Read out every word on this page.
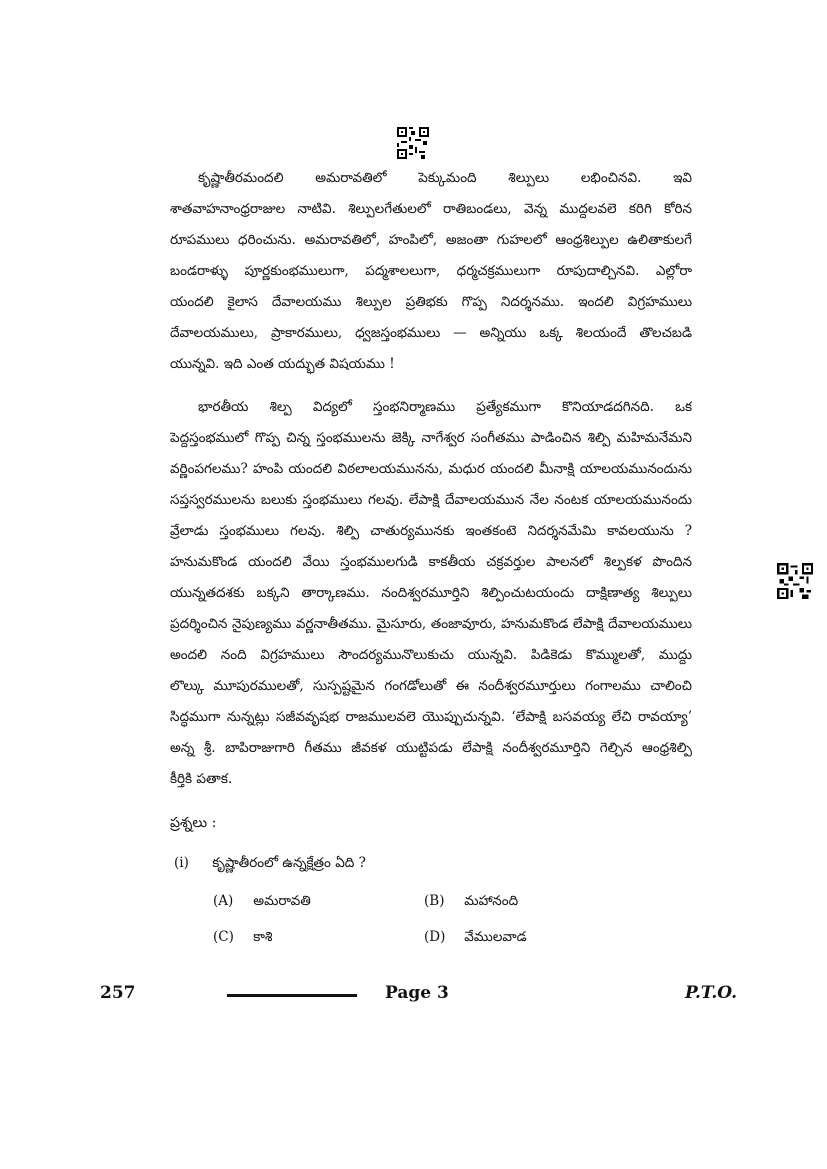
కృష్ణాతీరమందలి అమరావతిలో పెక్కుమంది శిల్పులు లభించినవి. ఇవి
శాతవాహనాంధ్రరాజుల నాటివి. శిల్పులగేతులలో రాతిబండలు, వెన్న ముద్దలవలె కరిగి కోరిన
రూపములు ధరించును. అమరావతిలో, హంపిలో, అజంతా గుహలలో ఆంధ్రశిల్పుల ఉలితాకులగే
బండరాళ్ళు పూర్ణకుంభములుగా, పద్మశాలలుగా, ధర్మచక్రములుగా రూపుదాల్చినవి. ఎల్లోరా
యందలి కైలాస దేవాలయము శిల్పుల ప్రతిభకు గొప్ప నిదర్శనము. ఇందలి విగ్రహములు
దేవాలయములు, ప్రాకారములు, ధ్వజస్తంభములు — అన్నియు ఒక్క శిలయందే తొలచబడి
యున్నవి. ఇది ఎంత యద్భుత విషయము !
భారతీయ శిల్ప విద్యలో స్తంభనిర్మాణము ప్రత్యేకముగా కొనియాడదగినది. ఒక
పెద్దస్తంభములో గొప్ప చిన్న స్తంభములను జెక్కి నాగేశ్వర సంగీతము పాడించిన శిల్పి మహిమనేమని
వర్ణింపగలము? హంపి యందలి విఠలాలయమునను, మధుర యందలి మీనాక్షి యాలయమునందును
సప్తస్వరములను బలుకు స్తంభములు గలవు. లేపాక్షి దేవాలయమున నేల నంటక యాలయమునందు
వ్రేలాడు స్తంభములు గలవు. శిల్పి చాతుర్యమునకు ఇంతకంటె నిదర్శనమేమి కావలయును ?
హనుమకొండ యందలి వేయి స్తంభములగుడి కాకతీయ చక్రవర్తుల పాలనలో శిల్పకళ పొందిన
యున్నతదశకు బక్కని తార్కాణము. నందిశ్వరమూర్తిని శిల్పించుటయందు దాక్షిణాత్య శిల్పులు
ప్రదర్శించిన నైపుణ్యము వర్ణనాతీతము. మైసూరు, తంజావూరు, హనుమకొండ లేపాక్షి దేవాలయములు
అందలి నంది విగ్రహములు సౌందర్యమునొలుకుచు యున్నవి. పిడికెడు కొమ్ములతో, ముద్దు
లొల్కు మూపురములతో, సుస్పష్టమైన గంగడోలుతో ఈ నందీశ్వరమూర్తులు గంగాలము చాలించి
సిద్ధముగా నున్నట్లు సజీవవృషభ రాజములవలె యొప్పుచున్నవి. ‘లేపాక్షి బసవయ్య లేచి రావయ్యా’
అన్న శ్రీ. బాపిరాజుగారి గీతము జీవకళ యుట్టిపడు లేపాక్షి నందీశ్వరమూర్తిని గెల్చిన ఆంధ్రశిల్పి
కీర్తికి పతాక.
ప్రశ్నలు :
(i) కృష్ణాతీరంలో ఉన్నక్షేత్రం ఏది ?
(A) అమరావతి	(B) మహానంది
(C) కాశి	(D) వేములవాడ
257	Page 3	P.T.O.
